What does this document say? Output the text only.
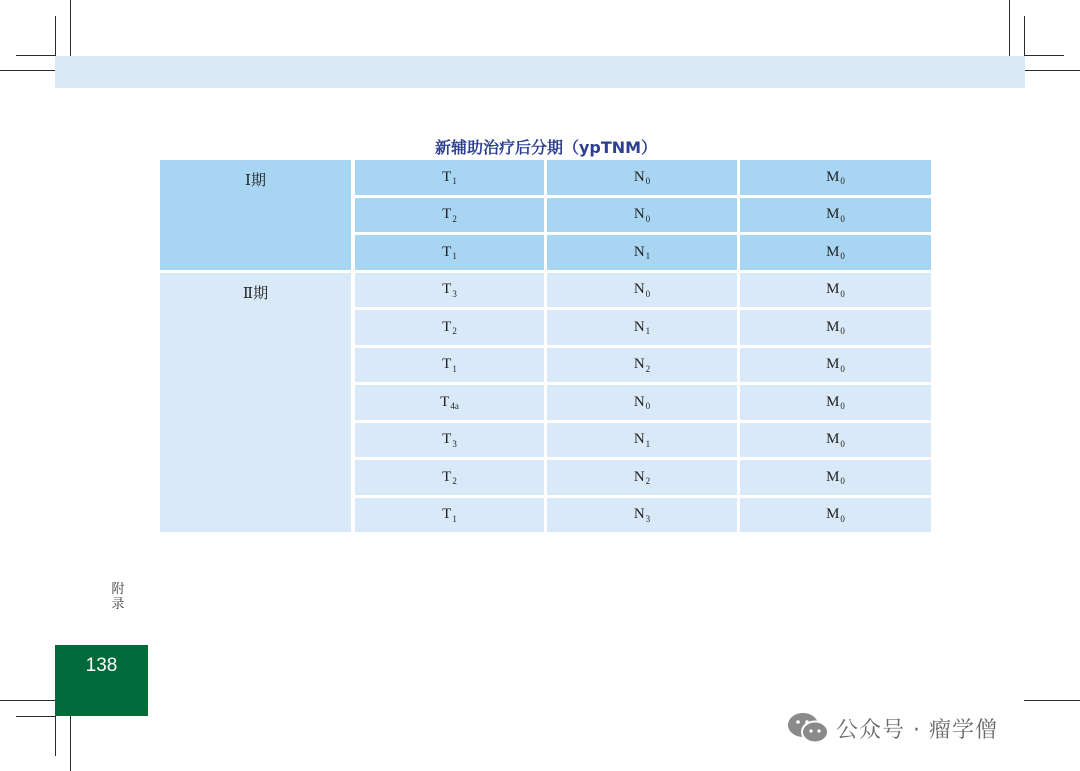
新辅助治疗后分期（ypTNM）
Ⅰ期	$T_1$	$N_0$	$M_0$
$T_2$	$N_0$	$M_0$
$T_1$	$N_1$	$M_0$
Ⅱ期	$T_3$	$N_0$	$M_0$
$T_2$	$N_1$	$M_0$
$T_1$	$N_2$	$M_0$
$T_{4a}$	$N_0$	$M_0$
$T_3$	$N_1$	$M_0$
$T_2$	$N_2$	$M_0$
$T_1$	$N_3$	$M_0$
附录
138
公众号 · 瘤学僧
